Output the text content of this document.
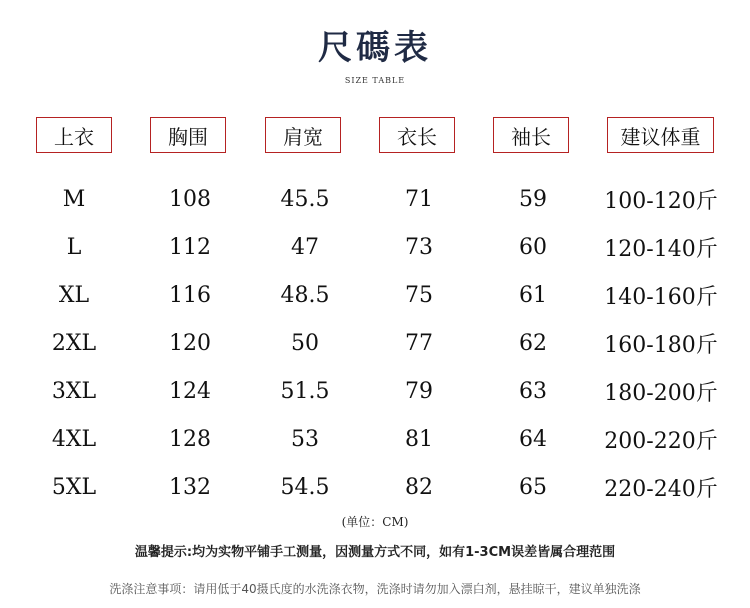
尺碼表
SIZE TABLE
上衣	胸围	肩宽	衣长	袖长	建议体重
M	108	45.5	71	59	100-120斤
L	112	47	73	60	120-140斤
XL	116	48.5	75	61	140-160斤
2XL	120	50	77	62	160-180斤
3XL	124	51.5	79	63	180-200斤
4XL	128	53	81	64	200-220斤
5XL	132	54.5	82	65	220-240斤
(单位：CM)
温馨提示:均为实物平铺手工测量，因测量方式不同，如有1-3CM误差皆属合理范围
洗涤注意事项：请用低于40摄氏度的水洗涤衣物，洗涤时请勿加入漂白剂，悬挂晾干，建议单独洗涤
